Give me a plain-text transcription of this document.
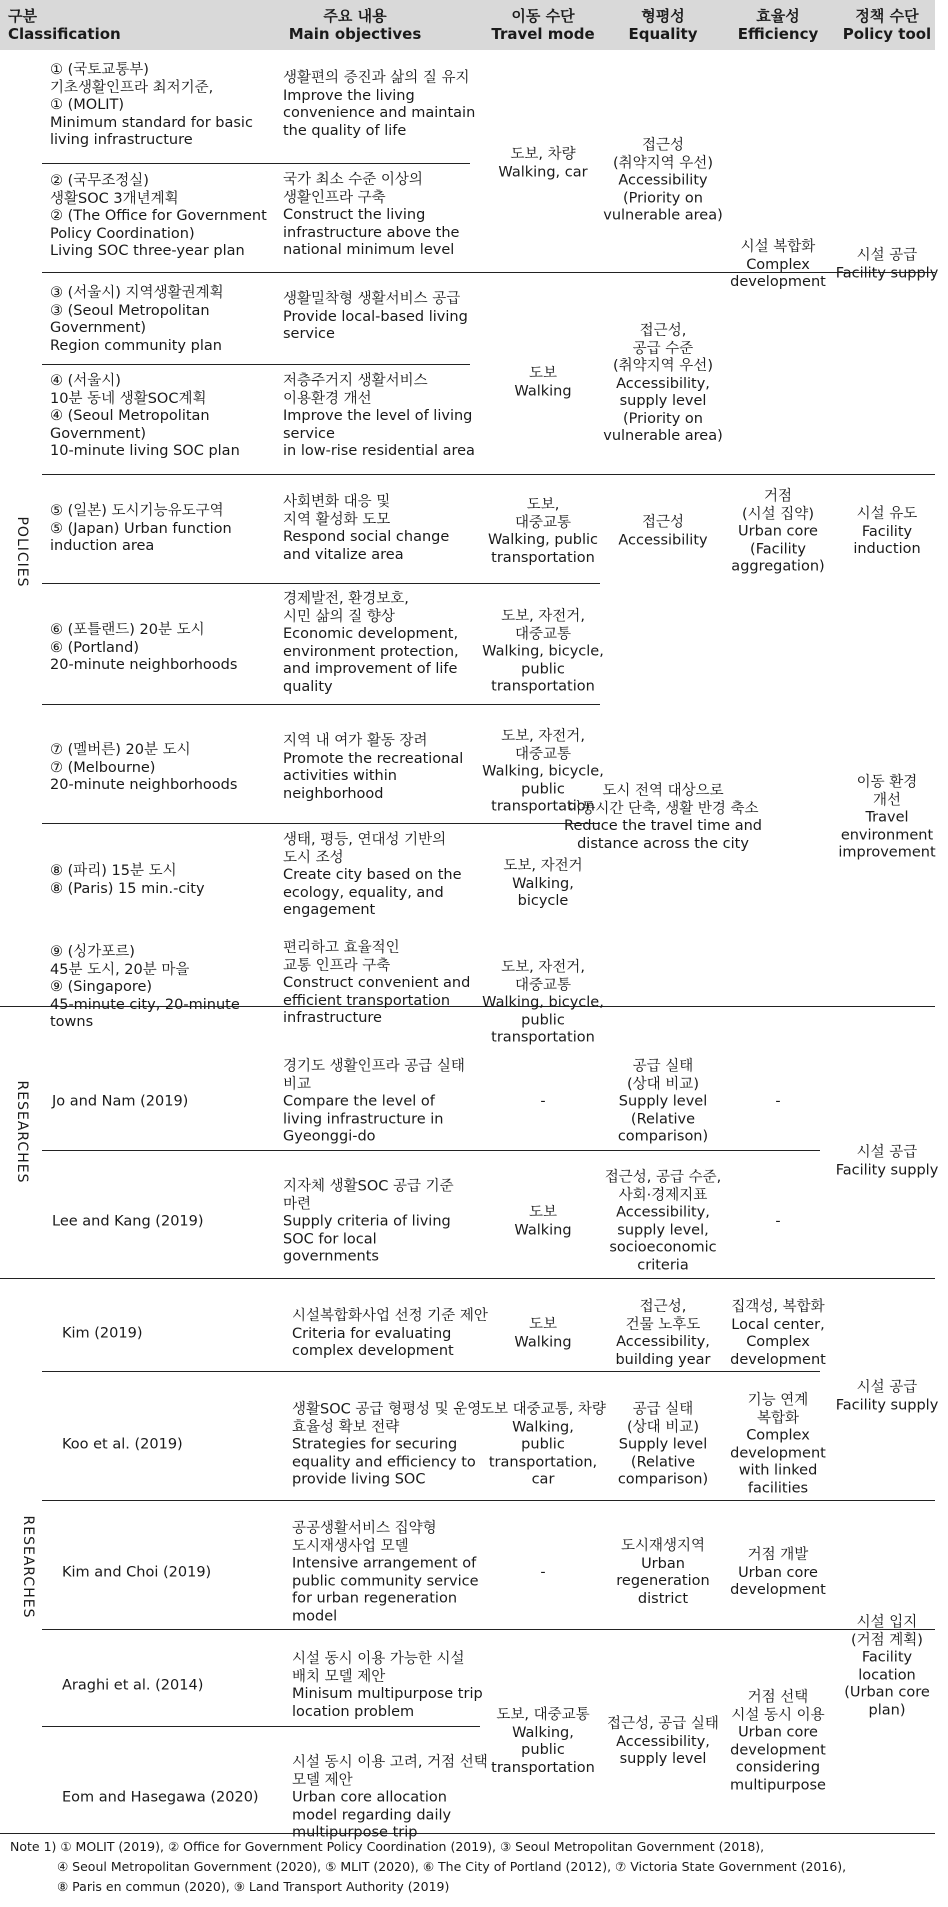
구분
Classification
주요 내용
Main objectives
이동 수단
Travel mode
형평성
Equality
효율성
Efficiency
정책 수단
Policy tool
POLICIES
RESEARCHES
RESEARCHES
① (국토교통부)
기초생활인프라 최저기준,
① (MOLIT)
Minimum standard for basic
living infrastructure
생활편의 증진과 삶의 질 유지
Improve the living
convenience and maintain
the quality of life
② (국무조정실)
생활SOC 3개년계획
② (The Office for Government
Policy Coordination)
Living SOC three-year plan
국가 최소 수준 이상의
생활인프라 구축
Construct the living
infrastructure above the
national minimum level
③ (서울시) 지역생활권계획
③ (Seoul Metropolitan
Government)
Region community plan
생활밀착형 생활서비스 공급
Provide local-based living
service
④ (서울시)
10분 동네 생활SOC계획
④ (Seoul Metropolitan
Government)
10-minute living SOC plan
저층주거지 생활서비스
이용환경 개선
Improve the level of living
service
in low-rise residential area
⑤ (일본) 도시기능유도구역
⑤ (Japan) Urban function
induction area
사회변화 대응 및
지역 활성화 도모
Respond social change
and vitalize area
⑥ (포틀랜드) 20분 도시
⑥ (Portland)
20-minute neighborhoods
경제발전, 환경보호,
시민 삶의 질 향상
Economic development,
environment protection,
and improvement of life
quality
⑦ (멜버른) 20분 도시
⑦ (Melbourne)
20-minute neighborhoods
지역 내 여가 활동 장려
Promote the recreational
activities within
neighborhood
⑧ (파리) 15분 도시
⑧ (Paris) 15 min.-city
생태, 평등, 연대성 기반의
도시 조성
Create city based on the
ecology, equality, and
engagement
⑨ (싱가포르)
45분 도시, 20분 마을
⑨ (Singapore)
45-minute city, 20-minute
towns
편리하고 효율적인
교통 인프라 구축
Construct convenient and
efficient transportation
infrastructure
도보, 차량
Walking, car
도보
Walking
도보,
대중교통
Walking, public
transportation
도보, 자전거,
대중교통
Walking, bicycle,
public
transportation
도보, 자전거,
대중교통
Walking, bicycle,
public
transportation
도보, 자전거
Walking,
bicycle
도보, 자전거,
대중교통
Walking, bicycle,
public
transportation
접근성
(취약지역 우선)
Accessibility
(Priority on
vulnerable area)
접근성,
공급 수준
(취약지역 우선)
Accessibility,
supply level
(Priority on
vulnerable area)
접근성
Accessibility
도시 전역 대상으로
이동시간 단축, 생활 반경 축소
Reduce the travel time and
distance across the city
시설 복합화
Complex
development
거점
(시설 집약)
Urban core
(Facility
aggregation)
시설 공급
Facility supply
시설 유도
Facility
induction
이동 환경
개선
Travel
environment
improvement
Jo and Nam (2019)
경기도 생활인프라 공급 실태
비교
Compare the level of
living infrastructure in
Gyeonggi-do
-
공급 실태
(상대 비교)
Supply level
(Relative
comparison)
-
Lee and Kang (2019)
지자체 생활SOC 공급 기준
마련
Supply criteria of living
SOC for local
governments
도보
Walking
접근성, 공급 수준,
사회·경제지표
Accessibility,
supply level,
socioeconomic
criteria
-
시설 공급
Facility supply
Kim (2019)
시설복합화사업 선정 기준 제안
Criteria for evaluating
complex development
도보
Walking
접근성,
건물 노후도
Accessibility,
building year
집객성, 복합화
Local center,
Complex
development
Koo et al. (2019)
생활SOC 공급 형평성 및 운영
효율성 확보 전략
Strategies for securing
equality and efficiency to
provide living SOC
도보 대중교통, 차량
Walking,
public
transportation,
car
공급 실태
(상대 비교)
Supply level
(Relative
comparison)
기능 연계
복합화
Complex
development
with linked
facilities
Kim and Choi (2019)
공공생활서비스 집약형
도시재생사업 모델
Intensive arrangement of
public community service
for urban regeneration
model
-
도시재생지역
Urban
regeneration
district
거점 개발
Urban core
development
Araghi et al. (2014)
시설 동시 이용 가능한 시설
배치 모델 제안
Minisum multipurpose trip
location problem
Eom and Hasegawa (2020)
시설 동시 이용 고려, 거점 선택
모델 제안
Urban core allocation
model regarding daily
multipurpose trip
도보, 대중교통
Walking,
public
transportation
접근성, 공급 실태
Accessibility,
supply level
거점 선택
시설 동시 이용
Urban core
development
considering
multipurpose
시설 공급
Facility supply
시설 입지
(거점 계획)
Facility
location
(Urban core
plan)
Note 1) ① MOLIT (2019), ② Office for Government Policy Coordination (2019), ③ Seoul Metropolitan Government (2018),
④ Seoul Metropolitan Government (2020), ⑤ MLIT (2020), ⑥ The City of Portland (2012), ⑦ Victoria State Government (2016),
⑧ Paris en commun (2020), ⑨ Land Transport Authority (2019)
